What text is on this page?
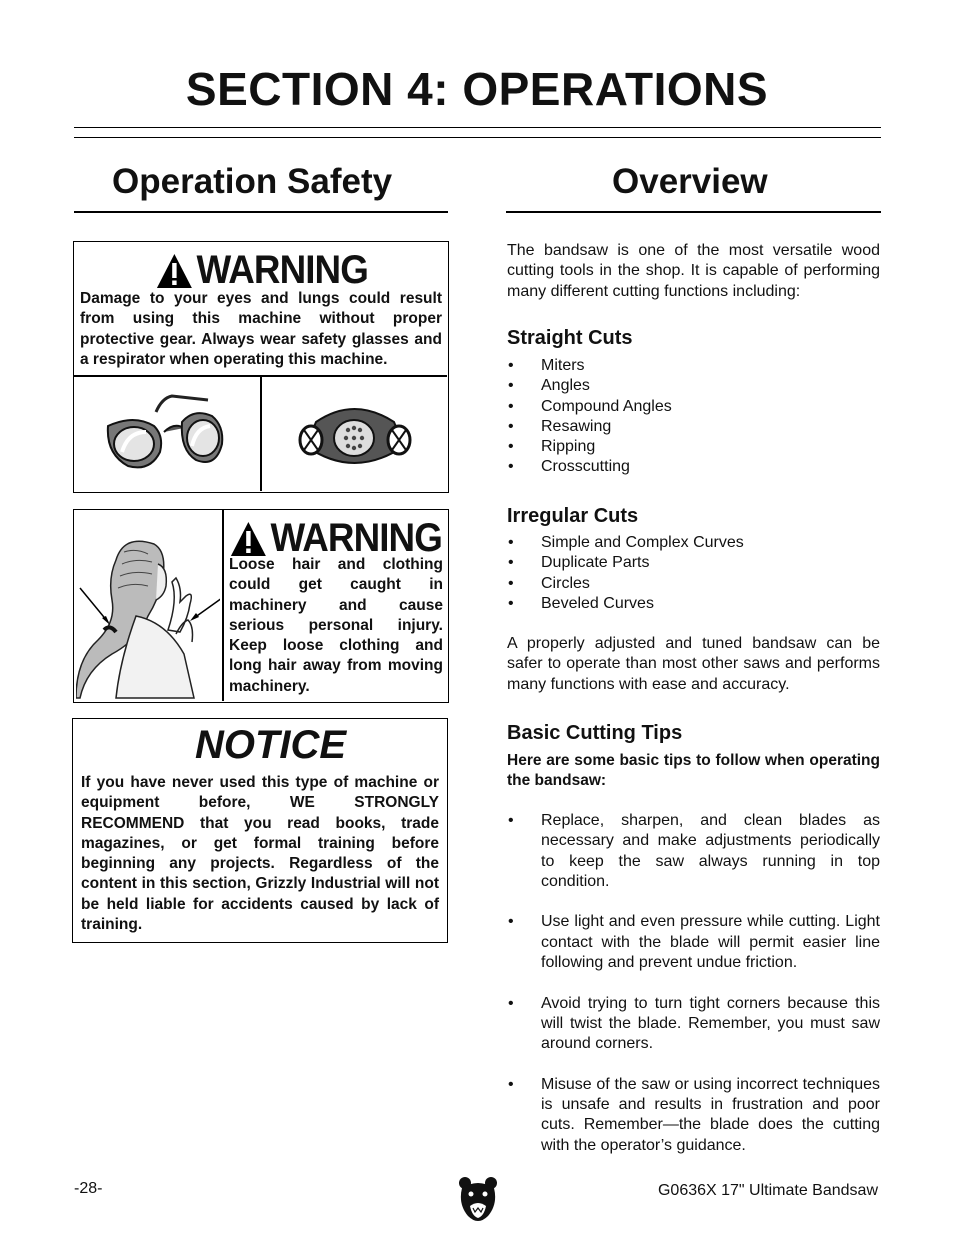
SECTION 4: OPERATIONS
Operation Safety
WARNING
Damage to your eyes and lungs could result from using this machine without proper protective gear. Always wear safety glasses and a respirator when operating this machine.
WARNING
Loose hair and clothing could get caught in machinery and cause serious personal injury. Keep loose clothing and long hair away from moving machinery.
NOTICE
If you have never used this type of machine or equipment before, WE STRONGLY RECOMMEND that you read books, trade magazines, or get formal training before beginning any projects. Regardless of the content in this section, Grizzly Industrial will not be held liable for accidents caused by lack of training.
Overview
The bandsaw is one of the most versatile wood cutting tools in the shop. It is capable of performing many different cutting functions including:
Straight Cuts
• Miters
• Angles
• Compound Angles
• Resawing
• Ripping
• Crosscutting
Irregular Cuts
• Simple and Complex Curves
• Duplicate Parts
• Circles
• Beveled Curves
A properly adjusted and tuned bandsaw can be safer to operate than most other saws and performs many functions with ease and accuracy.
Basic Cutting Tips
Here are some basic tips to follow when operating the bandsaw:
• Replace, sharpen, and clean blades as necessary and make adjustments periodically to keep the saw always running in top condition.
• Use light and even pressure while cutting. Light contact with the blade will permit easier line following and prevent undue friction.
• Avoid trying to turn tight corners because this will twist the blade. Remember, you must saw around corners.
• Misuse of the saw or using incorrect techniques is unsafe and results in frustration and poor cuts. Remember—the blade does the cutting with the operator’s guidance.
-28-	G0636X 17" Ultimate Bandsaw
